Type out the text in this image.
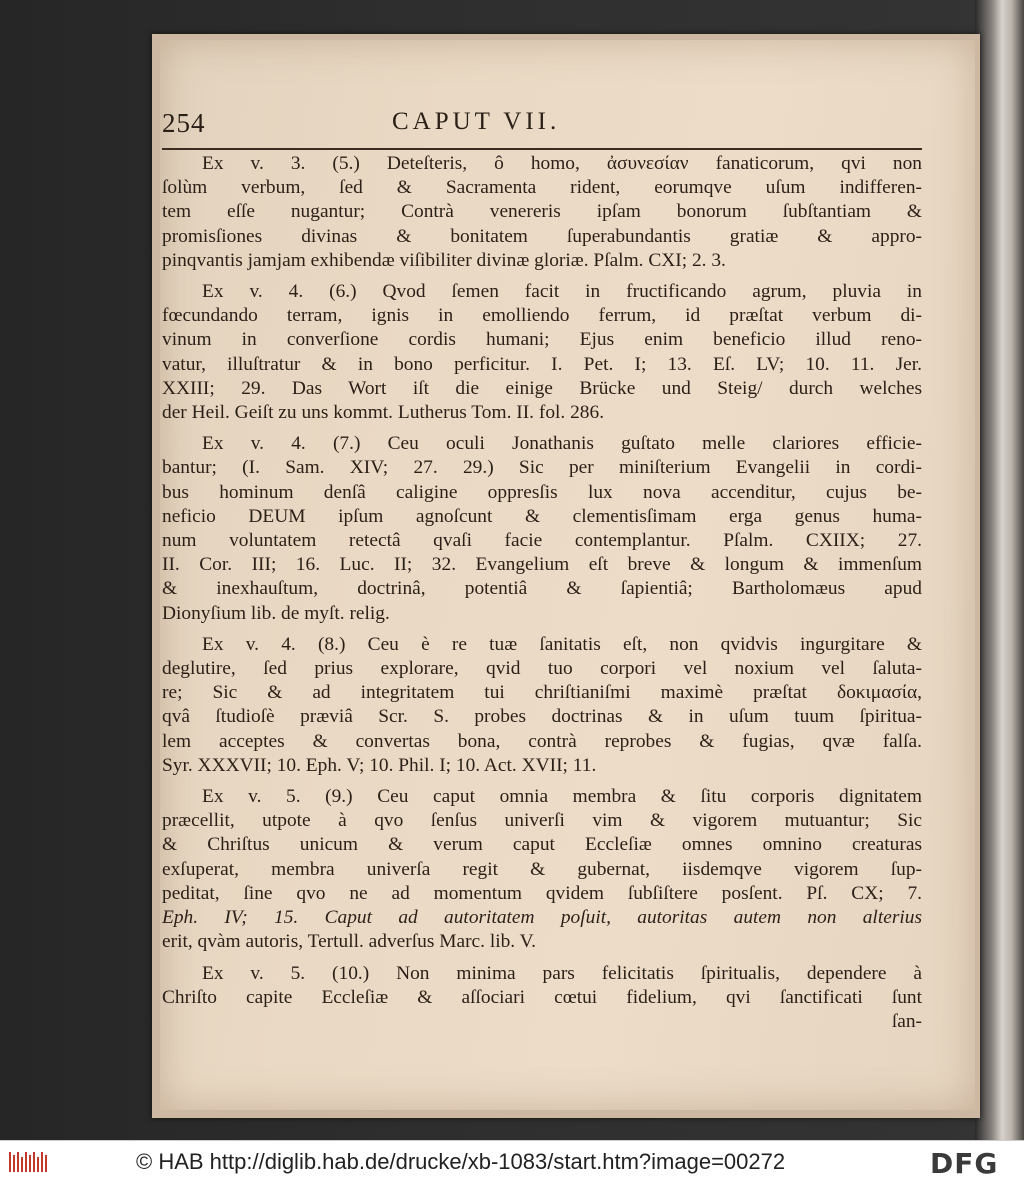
254	CAPUT VII.
Ex v. 3. (5.) Deteſteris, ô homo, ἀσυνεσίαν fanaticorum, qvi non
ſolùm verbum, ſed & Sacramenta rident, eorumqve uſum indifferen-
tem eſſe nugantur; Contrà venereris ipſam bonorum ſubſtantiam &
promisſiones divinas & bonitatem ſuperabundantis gratiæ & appro-
pinqvantis jamjam exhibendæ viſibiliter divinæ gloriæ. Pſalm. CXI; 2. 3.
Ex v. 4. (6.) Qvod ſemen facit in fructificando agrum, pluvia in
fœcundando terram, ignis in emolliendo ferrum, id præſtat verbum di-
vinum in converſione cordis humani; Ejus enim beneficio illud reno-
vatur, illuſtratur & in bono perficitur. I. Pet. I; 13. Eſ. LV; 10. 11. Jer.
XXIII; 29. Das Wort iſt die einige Brücke und Steig/ durch welches
der Heil. Geiſt zu uns kommt. Lutherus Tom. II. fol. 286.
Ex v. 4. (7.) Ceu oculi Jonathanis guſtato melle clariores efficie-
bantur; (I. Sam. XIV; 27. 29.) Sic per miniſterium Evangelii in cordi-
bus hominum denſâ caligine oppresſis lux nova accenditur, cujus be-
neficio DEUM ipſum agnoſcunt & clementisſimam erga genus huma-
num voluntatem retectâ qvaſi facie contemplantur. Pſalm. CXIIX; 27.
II. Cor. III; 16. Luc. II; 32. Evangelium eſt breve & longum & immenſum
& inexhauſtum, doctrinâ, potentiâ & ſapientiâ; Bartholomæus apud
Dionyſium lib. de myſt. relig.
Ex v. 4. (8.) Ceu è re tuæ ſanitatis eſt, non qvidvis ingurgitare &
deglutire, ſed prius explorare, qvid tuo corpori vel noxium vel ſaluta-
re; Sic & ad integritatem tui chriſtianiſmi maximè præſtat δοκιμασία,
qvâ ſtudioſè præviâ Scr. S. probes doctrinas & in uſum tuum ſpiritua-
lem acceptes & convertas bona, contrà reprobes & fugias, qvæ falſa.
Syr. XXXVII; 10. Eph. V; 10. Phil. I; 10. Act. XVII; 11.
Ex v. 5. (9.) Ceu caput omnia membra & ſitu corporis dignitatem
præcellit, utpote à qvo ſenſus univerſi vim & vigorem mutuantur; Sic
& Chriſtus unicum & verum caput Eccleſiæ omnes omnino creaturas
exſuperat, membra univerſa regit & gubernat, iisdemqve vigorem ſup-
peditat, ſine qvo ne ad momentum qvidem ſubſiſtere posſent. Pſ. CX; 7.
Eph. IV; 15. Caput ad autoritatem poſuit, autoritas autem non alterius
erit, qvàm autoris, Tertull. adverſus Marc. lib. V.
Ex v. 5. (10.) Non minima pars felicitatis ſpiritualis, dependere à
Chriſto capite Eccleſiæ & aſſociari cœtui fidelium, qvi ſanctificati ſunt
ſan-
© HAB http://diglib.hab.de/drucke/xb-1083/start.htm?image=00272	DFG
